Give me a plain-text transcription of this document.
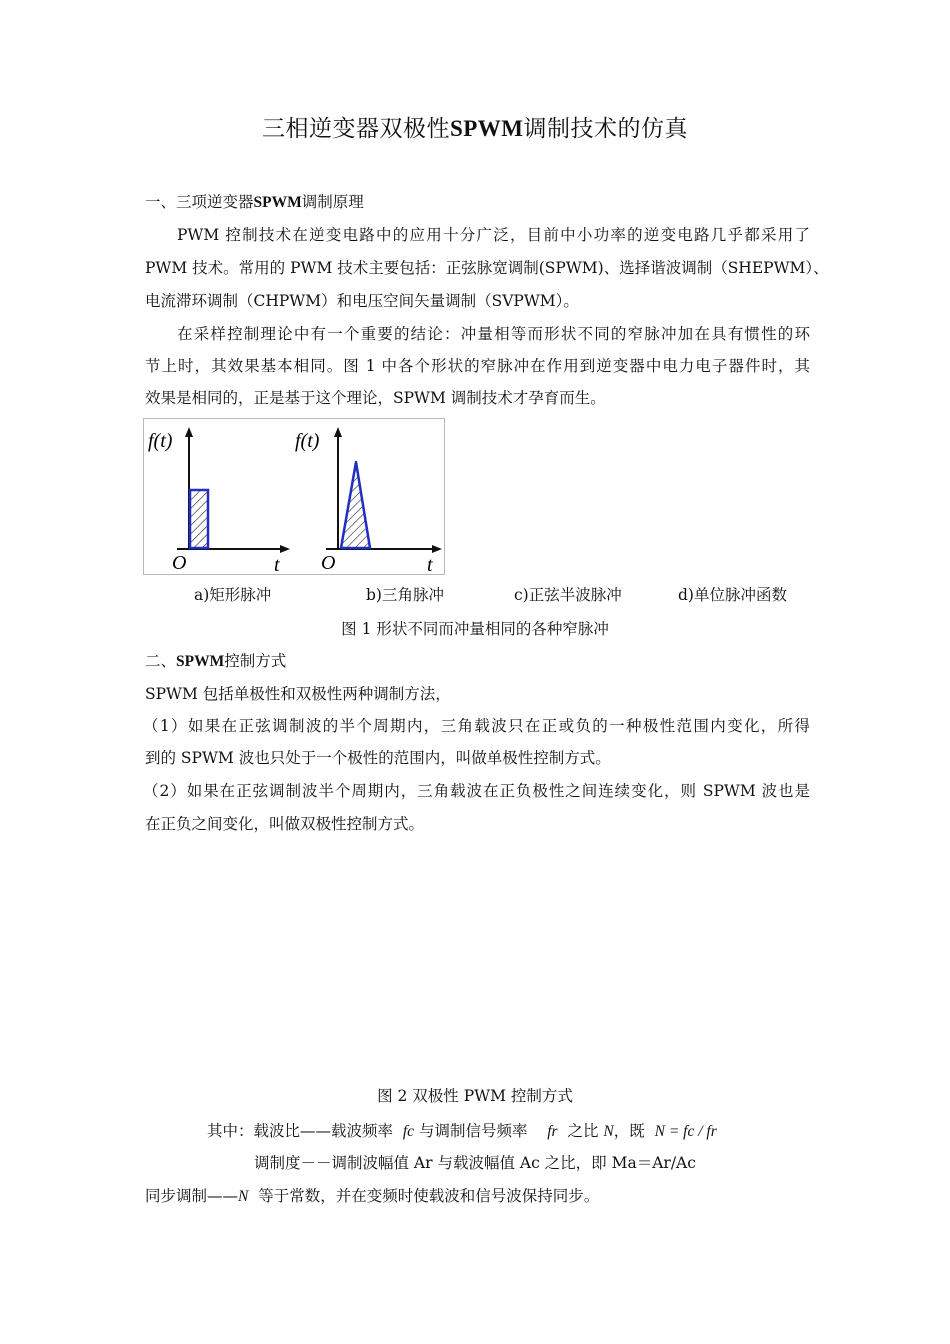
三相逆变器双极性SPWM调制技术的仿真
一、三项逆变器SPWM调制原理
PWM 控制技术在逆变电路中的应用十分广泛，目前中小功率的逆变电路几乎都采用了
PWM 技术。常用的 PWM 技术主要包括：正弦脉宽调制(SPWM)、选择谐波调制（SHEPWM）、
电流滞环调制（CHPWM）和电压空间矢量调制（SVPWM）。
在采样控制理论中有一个重要的结论：冲量相等而形状不同的窄脉冲加在具有惯性的环
节上时，其效果基本相同。图 1 中各个形状的窄脉冲在作用到逆变器中电力电子器件时，其
效果是相同的，正是基于这个理论，SPWM 调制技术才孕育而生。
f(t)
O	t
f(t)
O	t
a)矩形脉冲	b)三角脉冲	c)正弦半波脉冲	d)单位脉冲函数
图 1 形状不同而冲量相同的各种窄脉冲
二、SPWM控制方式
SPWM 包括单极性和双极性两种调制方法，
（1）如果在正弦调制波的半个周期内，三角载波只在正或负的一种极性范围内变化，所得
到的 SPWM 波也只处于一个极性的范围内，叫做单极性控制方式。
（2）如果在正弦调制波半个周期内，三角载波在正负极性之间连续变化，则 SPWM 波也是
在正负之间变化，叫做双极性控制方式。
图 2 双极性 PWM 控制方式
其中：载波比——载波频率 fc 与调制信号频率 fr 之比 N，既 N = fc / fr
调制度－－调制波幅值 Ar 与载波幅值 Ac 之比，即 Ma＝Ar/Ac
同步调制——N 等于常数，并在变频时使载波和信号波保持同步。
